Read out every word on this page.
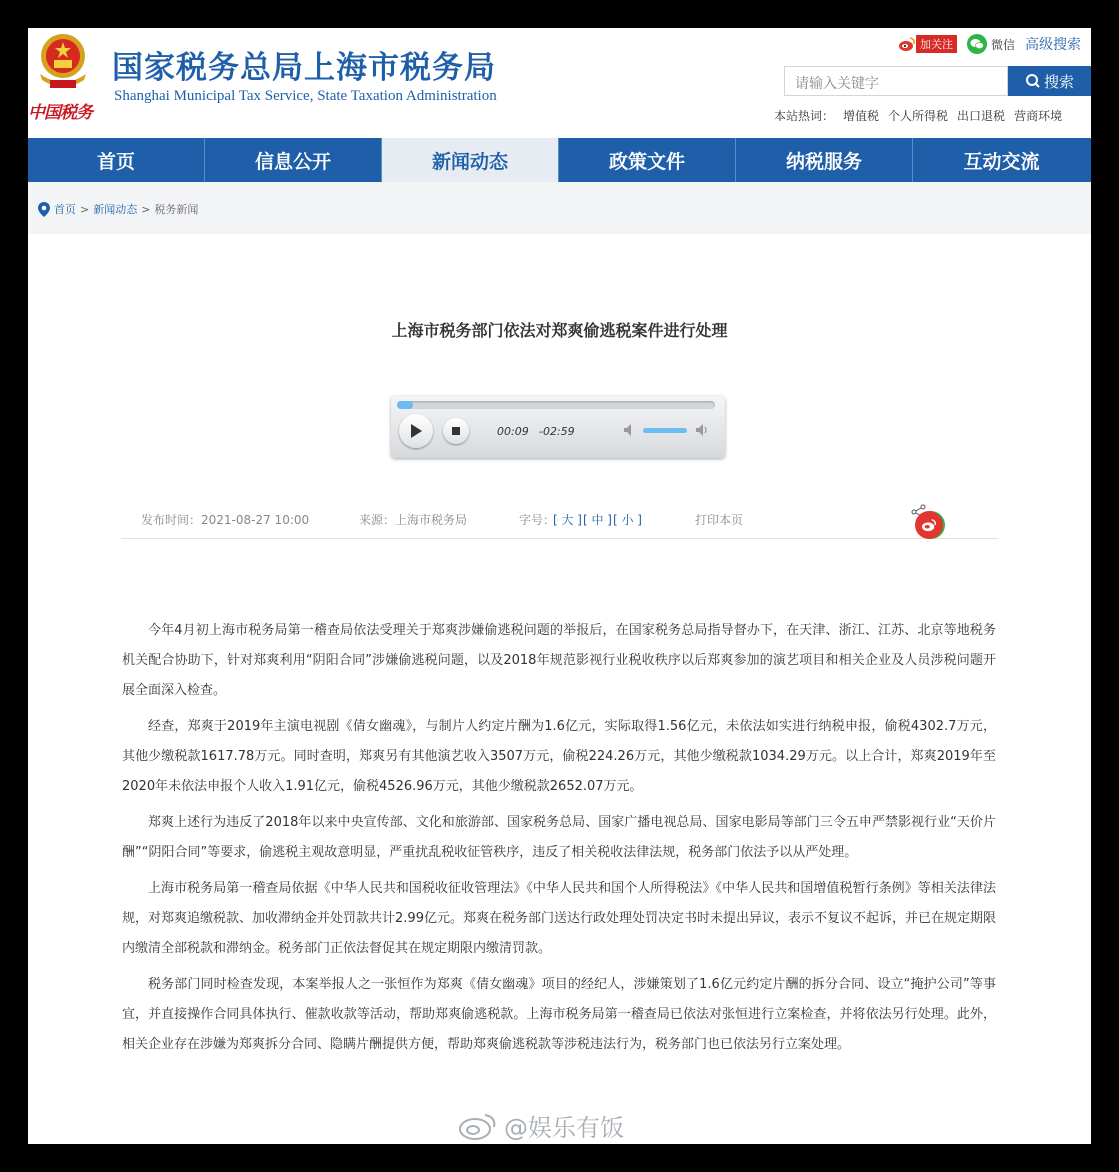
中国税务
国家税务总局上海市税务局
Shanghai Municipal Tax Service, State Taxation Administration
加关注	微信 高级搜索
请输入关键字	搜索
本站热词： 增值税 个人所得税 出口退税 营商环境
首页	信息公开	新闻动态	政策文件	纳税服务	互动交流
首页 > 新闻动态 > 税务新闻
上海市税务部门依法对郑爽偷逃税案件进行处理
00:09 -02:59
发布时间：2021-08-27 10:00	来源：上海市税务局	字号：
[ 大 ] [ 中 ] [ 小 ]	打印本页

今年4月初上海市税务局第一稽查局依法受理关于郑爽涉嫌偷逃税问题的举报后，在国家税务总局指导督办下，在天津、浙江、江苏、北京等地税务机关配合协助下，针对郑爽利用“阴阳合同”涉嫌偷逃税问题，以及2018年规范影视行业税收秩序以后郑爽参加的演艺项目和相关企业及人员涉税问题开展全面深入检查。

经查，郑爽于2019年主演电视剧《倩女幽魂》，与制片人约定片酬为1.6亿元，实际取得1.56亿元，未依法如实进行纳税申报，偷税4302.7万元，其他少缴税款1617.78万元。同时查明，郑爽另有其他演艺收入3507万元，偷税224.26万元，其他少缴税款1034.29万元。以上合计，郑爽2019年至2020年未依法申报个人收入1.91亿元，偷税4526.96万元，其他少缴税款2652.07万元。

郑爽上述行为违反了2018年以来中央宣传部、文化和旅游部、国家税务总局、国家广播电视总局、国家电影局等部门三令五申严禁影视行业“天价片酬”“阴阳合同”等要求，偷逃税主观故意明显，严重扰乱税收征管秩序，违反了相关税收法律法规，税务部门依法予以从严处理。

上海市税务局第一稽查局依据《中华人民共和国税收征收管理法》《中华人民共和国个人所得税法》《中华人民共和国增值税暂行条例》等相关法律法规，对郑爽追缴税款、加收滞纳金并处罚款共计2.99亿元。郑爽在税务部门送达行政处理处罚决定书时未提出异议，表示不复议不起诉，并已在规定期限内缴清全部税款和滞纳金。税务部门正依法督促其在规定期限内缴清罚款。

税务部门同时检查发现，本案举报人之一张恒作为郑爽《倩女幽魂》项目的经纪人，涉嫌策划了1.6亿元约定片酬的拆分合同、设立“掩护公司”等事宜，并直接操作合同具体执行、催款收款等活动，帮助郑爽偷逃税款。上海市税务局第一稽查局已依法对张恒进行立案检查，并将依法另行处理。此外，相关企业存在涉嫌为郑爽拆分合同、隐瞒片酬提供方便，帮助郑爽偷逃税款等涉税违法行为，税务部门也已依法另行立案处理。

@娱乐有饭
